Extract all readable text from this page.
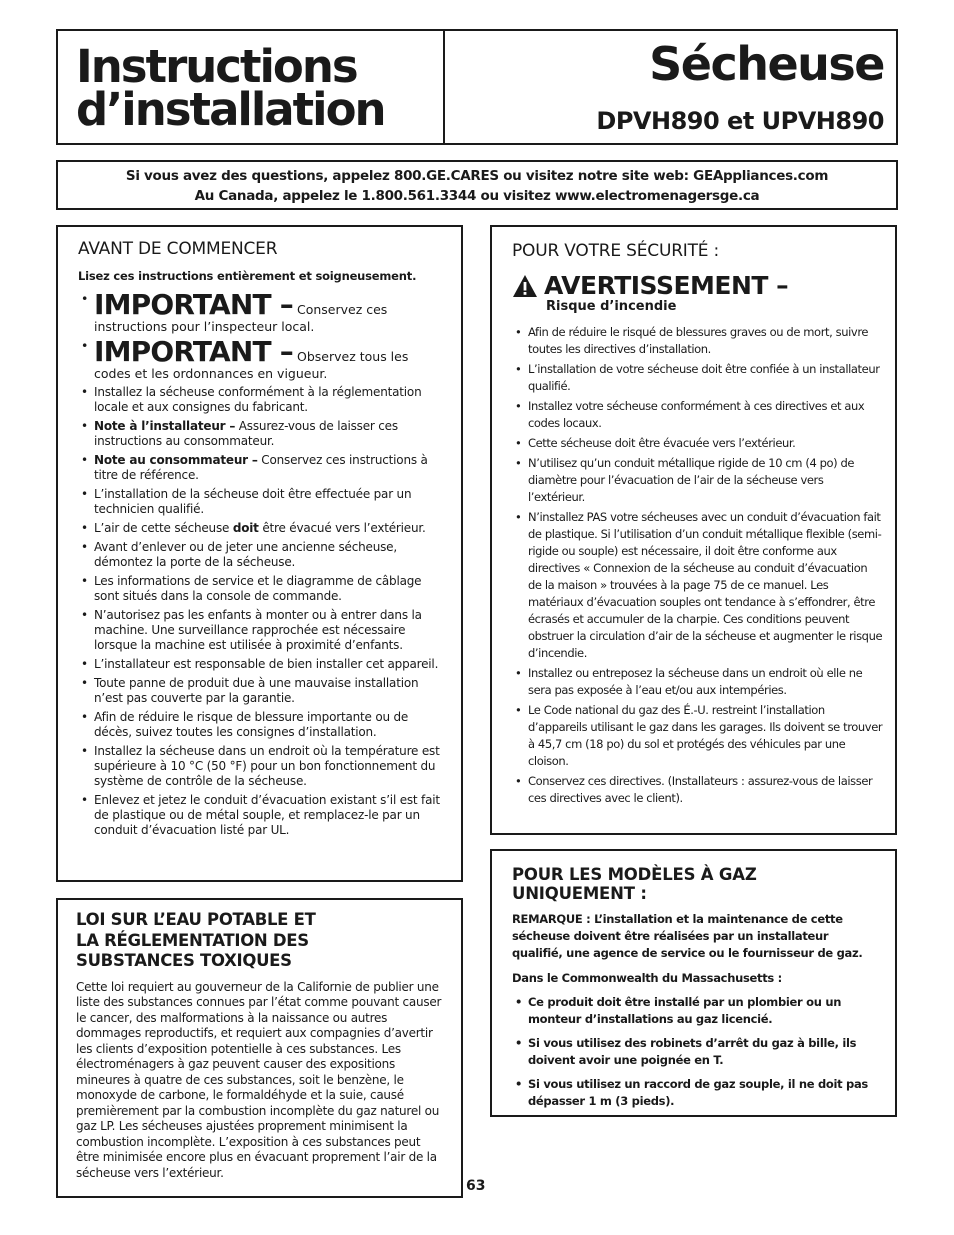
Instructions
d’installation
Sécheuse
DPVH890 et UPVH890
Si vous avez des questions, appelez 800.GE.CARES ou visitez notre site web: GEAppliances.com
Au Canada, appelez le 1.800.561.3344 ou visitez www.electromenagersge.ca
AVANT DE COMMENCER
Lisez ces instructions entièrement et soigneusement.
• IMPORTANT – Conservez ces instructions pour l’inspecteur local.
• IMPORTANT – Observez tous les codes et les ordonnances en vigueur.
• Installez la sécheuse conformément à la réglementation locale et aux consignes du fabricant.
• Note à l’installateur – Assurez-vous de laisser ces instructions au consommateur.
• Note au consommateur – Conservez ces instructions à titre de référence.
• L’installation de la sécheuse doit être effectuée par un technicien qualifié.
• L’air de cette sécheuse doit être évacué vers l’extérieur.
• Avant d’enlever ou de jeter une ancienne sécheuse, démontez la porte de la sécheuse.
• Les informations de service et le diagramme de câblage sont situés dans la console de commande.
• N’autorisez pas les enfants à monter ou à entrer dans la machine. Une surveillance rapprochée est nécessaire lorsque la machine est utilisée à proximité d’enfants.
• L’installateur est responsable de bien installer cet appareil.
• Toute panne de produit due à une mauvaise installation n’est pas couverte par la garantie.
• Afin de réduire le risque de blessure importante ou de décès, suivez toutes les consignes d’installation.
• Installez la sécheuse dans un endroit où la température est supérieure à 10 °C (50 °F) pour un bon fonctionnement du système de contrôle de la sécheuse.
• Enlevez et jetez le conduit d’évacuation existant s’il est fait de plastique ou de métal souple, et remplacez-le par un conduit d’évacuation listé par UL.
LOI SUR L’EAU POTABLE ET
LA RÉGLEMENTATION DES
SUBSTANCES TOXIQUES

Cette loi requiert au gouverneur de la Californie de publier une liste des substances connues par l’état comme pouvant causer le cancer, des malformations à la naissance ou autres dommages reproductifs, et requiert aux compagnies d’avertir les clients d’exposition potentielle à ces substances. Les électroménagers à gaz peuvent causer des expositions mineures à quatre de ces substances, soit le benzène, le monoxyde de carbone, le formaldéhyde et la suie, causé premièrement par la combustion incomplète du gaz naturel ou gaz LP. Les sécheuses ajustées proprement minimisent la combustion incomplète. L’exposition à ces substances peut être minimisée encore plus en évacuant proprement l’air de la sécheuse vers l’extérieur.

POUR VOTRE SÉCURITÉ :
AVERTISSEMENT –
Risque d’incendie
• Afin de réduire le risqué de blessures graves ou de mort, suivre toutes les directives d’installation.
• L’installation de votre sécheuse doit être confiée à un installateur qualifié.
• Installez votre sécheuse conformément à ces directives et aux codes locaux.
• Cette sécheuse doit être évacuée vers l’extérieur.
• N’utilisez qu’un conduit métallique rigide de 10 cm (4 po) de diamètre pour l’évacuation de l’air de la sécheuse vers l’extérieur.
• N’installez PAS votre sécheuses avec un conduit d’évacuation fait de plastique. Si l’utilisation d’un conduit métallique flexible (semi-rigide ou souple) est nécessaire, il doit être conforme aux directives « Connexion de la sécheuse au conduit d’évacuation de la maison » trouvées à la page 75 de ce manuel. Les matériaux d’évacuation souples ont tendance à s’effondrer, être écrasés et accumuler de la charpie. Ces conditions peuvent obstruer la circulation d’air de la sécheuse et augmenter le risque d’incendie.
• Installez ou entreposez la sécheuse dans un endroit où elle ne sera pas exposée à l’eau et/ou aux intempéries.
• Le Code national du gaz des É.-U. restreint l’installation d’appareils utilisant le gaz dans les garages. Ils doivent se trouver à 45,7 cm (18 po) du sol et protégés des véhicules par une cloison.
• Conservez ces directives. (Installateurs : assurez-vous de laisser ces directives avec le client).
POUR LES MODÈLES À GAZ
UNIQUEMENT :

REMARQUE : L’installation et la maintenance de cette sécheuse doivent être réalisées par un installateur qualifié, une agence de service ou le fournisseur de gaz.

Dans le Commonwealth du Massachusetts :

• Ce produit doit être installé par un plombier ou un monteur d’installations au gaz licencié.
• Si vous utilisez des robinets d’arrêt du gaz à bille, ils doivent avoir une poignée en T.
• Si vous utilisez un raccord de gaz souple, il ne doit pas dépasser 1 m (3 pieds).
63
